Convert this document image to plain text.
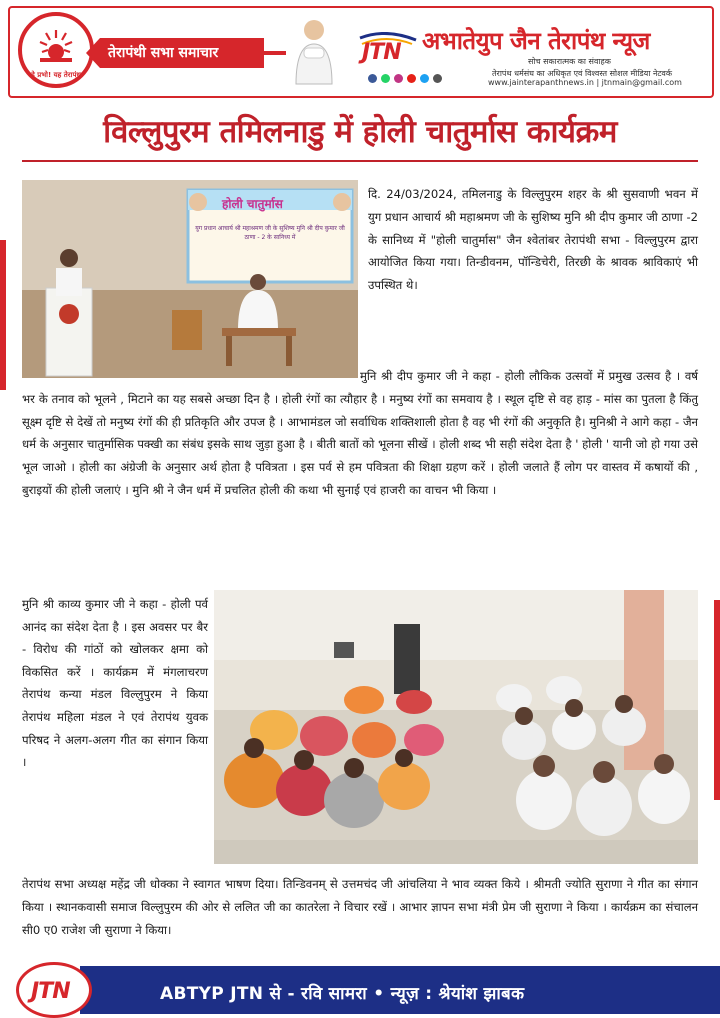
हे प्रभो! यह तेरापंथ
तेरापंथी सभा समाचार	JTN अभातेयुप जैन तेरापंथ न्यूज
सोच सकारात्मक का संवाहक
तेरापंथ धर्मसंघ का अधिकृत एवं विश्वस्त सोशल मीडिया नेटवर्क
www.jainterapanthnews.in | jtnmain@gmail.com
विल्लुपुरम तमिलनाडु में होली चातुर्मास कार्यक्रम
होली चातुर्मास
युग प्रधान आचार्य श्री महाश्रमण जी के सुशिष्य मुनि श्री दीप कुमार जी ठाणा - 2 के सानिध्य में

दि. 24/03/2024, तमिलनाडु के विल्लुपुरम शहर के श्री सुसवाणी भवन में युग प्रधान आचार्य श्री महाश्रमण जी के सुशिष्य मुनि श्री दीप कुमार जी ठाणा -2 के सानिध्य में "होली चातुर्मास" जैन श्वेतांबर तेरापंथी सभा - विल्लुपुरम द्वारा आयोजित किया गया। तिन्डीवनम, पॉन्डिचेरी, तिरछी के श्रावक श्राविकाएं भी उपस्थित थे।

मुनि श्री दीप कुमार जी ने कहा - होली लौकिक उत्सवों में प्रमुख उत्सव है । वर्ष भर के तनाव को भूलने , मिटाने का यह सबसे अच्छा दिन है । होली रंगों का त्यौहार है । मनुष्य रंगों का समवाय है । स्थूल दृष्टि से वह हाड़ - मांस का पुतला है किंतु सूक्ष्म दृष्टि से देखें तो मनुष्य रंगों की ही प्रतिकृति और उपज है । आभामंडल जो सर्वाधिक शक्तिशाली होता है वह भी रंगों की अनुकृति है। मुनिश्री ने आगे कहा - जैन धर्म के अनुसार चातुर्मासिक पक्खी का संबंध इसके साथ जुड़ा हुआ है । बीती बातों को भूलना सीखें । होली शब्द भी सही संदेश देता है ' होली ' यानी जो हो गया उसे भूल जाओ । होली का अंग्रेजी के अनुसार अर्थ होता है पवित्रता । इस पर्व से हम पवित्रता की शिक्षा ग्रहण करें । होली जलाते हैं लोग पर वास्तव में कषायों की , बुराइयों की होली जलाएं । मुनि श्री ने जैन धर्म में प्रचलित होली की कथा भी सुनाई एवं हाजरी का वाचन भी किया ।

मुनि श्री काव्य कुमार जी ने कहा - होली पर्व आनंद का संदेश देता है । इस अवसर पर बैर - विरोध की गांठों को खोलकर क्षमा को विकसित करें । कार्यक्रम में मंगलाचरण तेरापंथ कन्या मंडल विल्लुपुरम ने किया तेरापंथ महिला मंडल ने एवं तेरापंथ युवक परिषद ने अलग-अलग गीत का संगान किया ।

तेरापंथ सभा अध्यक्ष महेंद्र जी धोक्का ने स्वागत भाषण दिया। तिन्डिवनम् से उत्तमचंद जी आंचलिया ने भाव व्यक्त किये । श्रीमती ज्योति सुराणा ने गीत का संगान किया । स्थानकवासी समाज विल्लुपुरम की ओर से ललित जी का कातरेला ने विचार रखें । आभार ज्ञापन सभा मंत्री प्रेम जी सुराणा ने किया । कार्यक्रम का संचालन सी0 ए0 राजेश जी सुराणा ने किया।

JTN	ABTYP JTN से - रवि सामरा • न्यूज़ : श्रेयांश झाबक
